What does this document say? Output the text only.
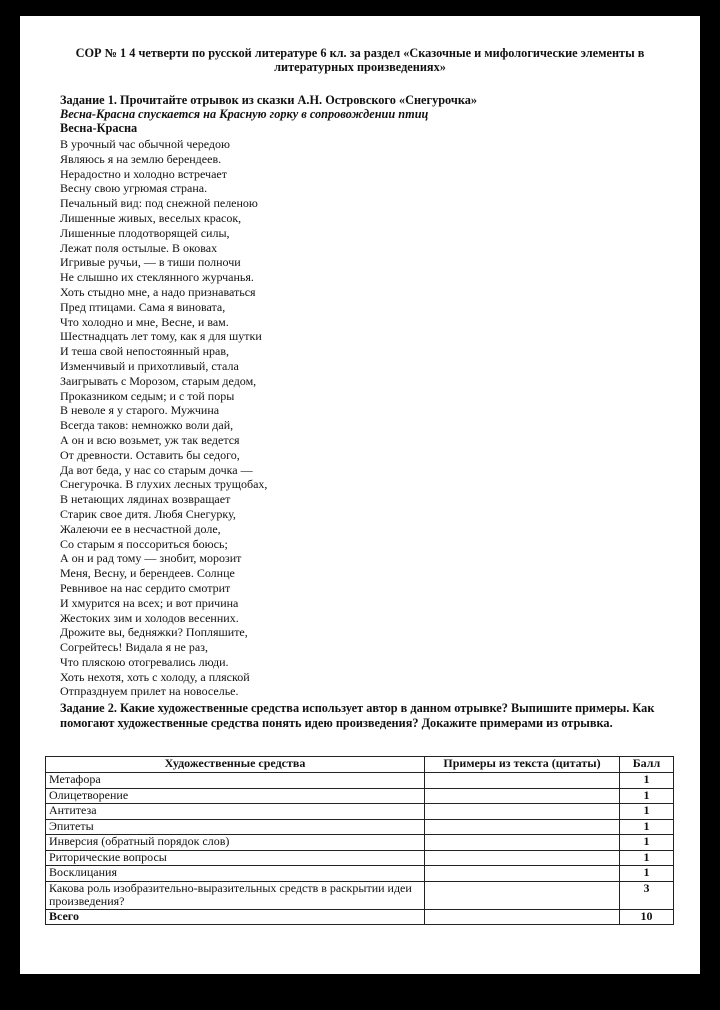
СОР № 1 4 четверти по русской литературе 6 кл. за раздел «Сказочные и мифологические элементы в литературных произведениях»
Задание 1. Прочитайте отрывок из сказки А.Н. Островского «Снегурочка»
Весна-Красна спускается на Красную горку в сопровождении птиц
Весна-Красна
В урочный час обычной чередою
Являюсь я на землю берендеев.
Нерадостно и холодно встречает
Весну свою угрюмая страна.
Печальный вид: под снежной пеленою
Лишенные живых, веселых красок,
Лишенные плодотворящей силы,
Лежат поля остылые. В оковах
Игривые ручьи, — в тиши полночи
Не слышно их стеклянного журчанья.
Хоть стыдно мне, а надо признаваться
Пред птицами. Сама я виновата,
Что холодно и мне, Весне, и вам.
Шестнадцать лет тому, как я для шутки
И теша свой непостоянный нрав,
Изменчивый и прихотливый, стала
Заигрывать с Морозом, старым дедом,
Проказником седым; и с той поры
В неволе я у старого. Мужчина
Всегда таков: немножко воли дай,
А он и всю возьмет, уж так ведется
От древности. Оставить бы седого,
Да вот беда, у нас со старым дочка —
Снегурочка. В глухих лесных трущобах,
В нетающих лядинах возвращает
Старик свое дитя. Любя Снегурку,
Жалеючи ее в несчастной доле,
Со старым я поссориться боюсь;
А он и рад тому — знобит, морозит
Меня, Весну, и берендеев. Солнце
Ревнивое на нас сердито смотрит
И хмурится на всех; и вот причина
Жестоких зим и холодов весенних.
Дрожите вы, бедняжки? Попляшите,
Согрейтесь! Видала я не раз,
Что пляскою отогревались люди.
Хоть нехотя, хоть с холоду, а пляской
Отпразднуем прилет на новоселье.
Задание 2. Какие художественные средства использует автор в данном отрывке? Выпишите примеры. Как помогают художественные средства понять идею произведения? Докажите примерами из отрывка.
Художественные средства	Примеры из текста (цитаты)	Балл
Метафора		1
Олицетворение		1
Антитеза		1
Эпитеты		1
Инверсия (обратный порядок слов)		1
Риторические вопросы		1
Восклицания		1
Какова роль изобразительно-выразительных средств в раскрытии идеи произведения?		3
Всего		10
